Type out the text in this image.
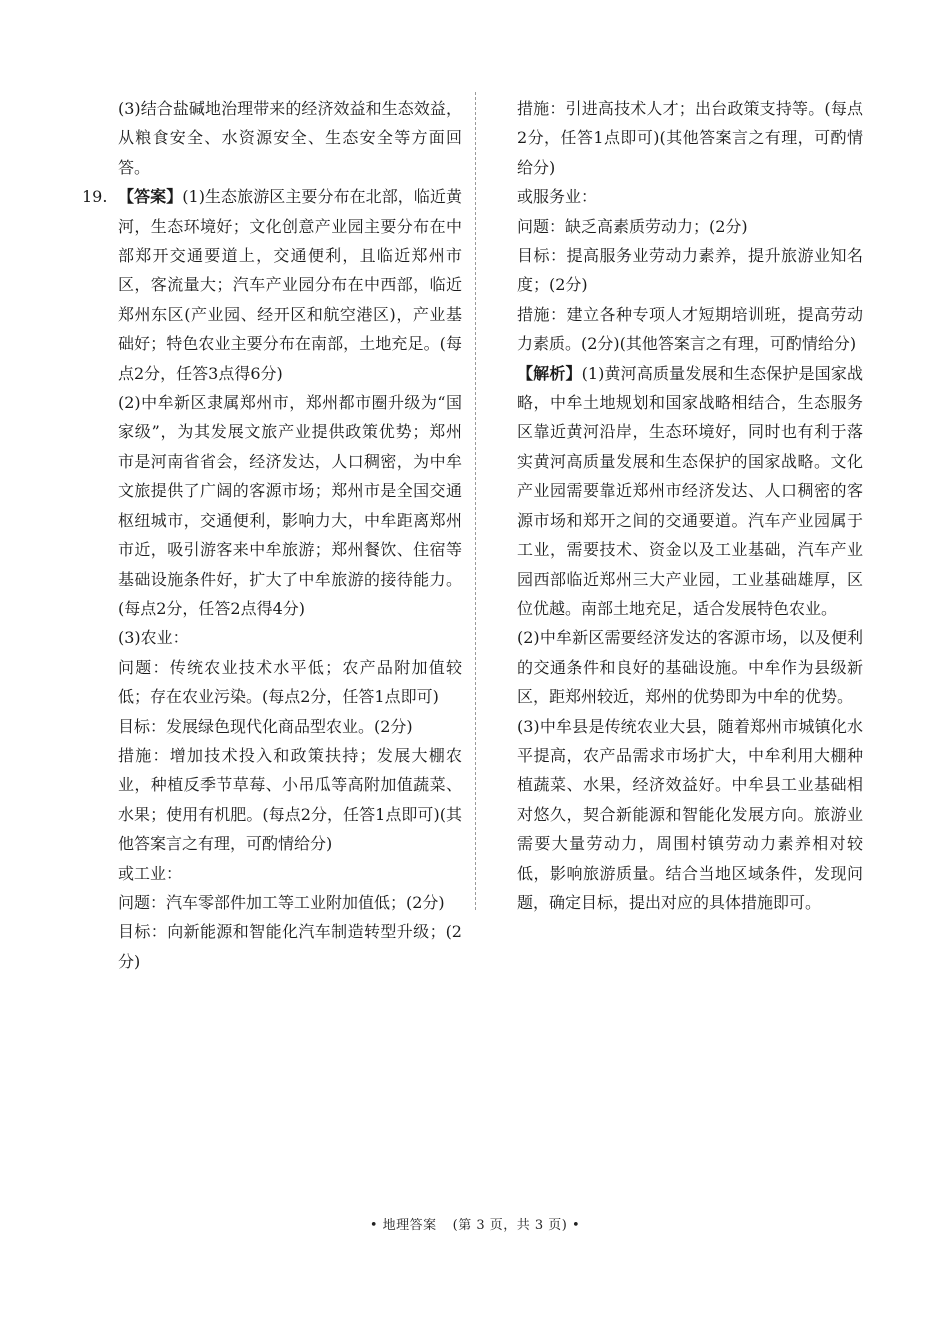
(3)结合盐碱地治理带来的经济效益和生态效益，从粮食安全、水资源安全、生态安全等方面回答。

19. 【答案】(1)生态旅游区主要分布在北部，临近黄河，生态环境好；文化创意产业园主要分布在中部郑开交通要道上，交通便利，且临近郑州市区，客流量大；汽车产业园分布在中西部，临近郑州东区(产业园、经开区和航空港区)，产业基础好；特色农业主要分布在南部，土地充足。(每点2分，任答3点得6分)

(2)中牟新区隶属郑州市，郑州都市圈升级为“国家级”，为其发展文旅产业提供政策优势；郑州市是河南省省会，经济发达，人口稠密，为中牟文旅提供了广阔的客源市场；郑州市是全国交通枢纽城市，交通便利，影响力大，中牟距离郑州市近，吸引游客来中牟旅游；郑州餐饮、住宿等基础设施条件好，扩大了中牟旅游的接待能力。(每点2分，任答2点得4分)

(3)农业：

问题：传统农业技术水平低；农产品附加值较低；存在农业污染。(每点2分，任答1点即可)

目标：发展绿色现代化商品型农业。(2分)

措施：增加技术投入和政策扶持；发展大棚农业，种植反季节草莓、小吊瓜等高附加值蔬菜、水果；使用有机肥。(每点2分，任答1点即可)(其他答案言之有理，可酌情给分)

或工业：

问题：汽车零部件加工等工业附加值低；(2分)

目标：向新能源和智能化汽车制造转型升级；(2分)

措施：引进高技术人才；出台政策支持等。(每点2分，任答1点即可)(其他答案言之有理，可酌情给分)

或服务业：

问题：缺乏高素质劳动力；(2分)

目标：提高服务业劳动力素养，提升旅游业知名度；(2分)

措施：建立各种专项人才短期培训班，提高劳动力素质。(2分)(其他答案言之有理，可酌情给分)

【解析】(1)黄河高质量发展和生态保护是国家战略，中牟土地规划和国家战略相结合，生态服务区靠近黄河沿岸，生态环境好，同时也有利于落实黄河高质量发展和生态保护的国家战略。文化产业园需要靠近郑州市经济发达、人口稠密的客源市场和郑开之间的交通要道。汽车产业园属于工业，需要技术、资金以及工业基础，汽车产业园西部临近郑州三大产业园，工业基础雄厚，区位优越。南部土地充足，适合发展特色农业。

(2)中牟新区需要经济发达的客源市场，以及便利的交通条件和良好的基础设施。中牟作为县级新区，距郑州较近，郑州的优势即为中牟的优势。

(3)中牟县是传统农业大县，随着郑州市城镇化水平提高，农产品需求市场扩大，中牟利用大棚种植蔬菜、水果，经济效益好。中牟县工业基础相对悠久，契合新能源和智能化发展方向。旅游业需要大量劳动力，周围村镇劳动力素养相对较低，影响旅游质量。结合当地区域条件，发现问题，确定目标，提出对应的具体措施即可。

• 地理答案 (第 3 页，共 3 页) •
